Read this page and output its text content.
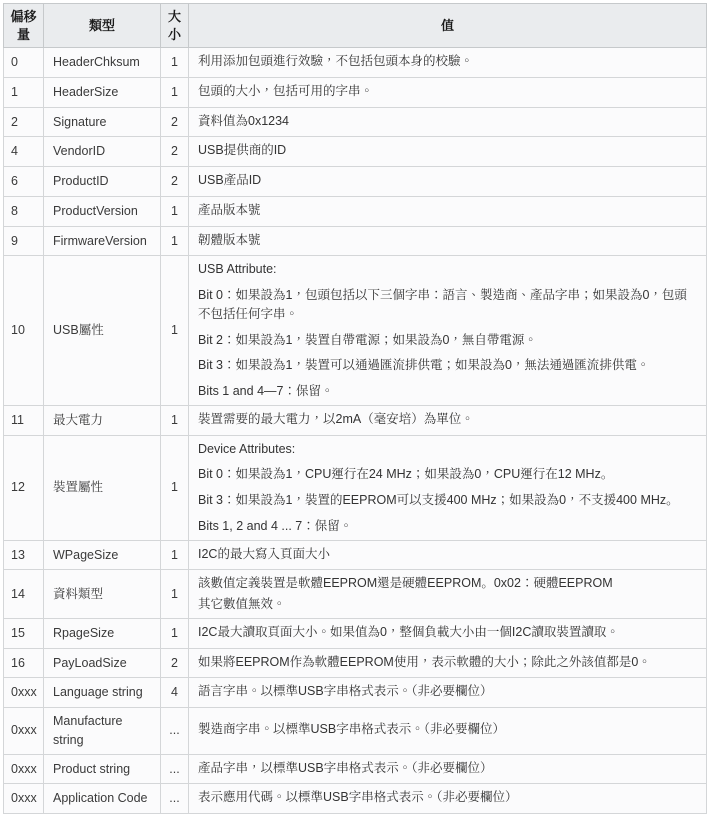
偏移量	類型	大小	值
0	HeaderChksum	1	利用添加包頭進行效驗，不包括包頭本身的校驗。

1	HeaderSize	1	包頭的大小，包括可用的字串。

2	Signature	2	資料值為0x1234

4	VendorID	2	USB提供商的ID

6	ProductID	2	USB產品ID

8	ProductVersion	1	產品版本號

9	FirmwareVersion	1	韌體版本號

10	USB屬性	1	USB Attribute:
Bit 0：如果設為1，包頭包括以下三個字串：語言、製造商、產品字串；如果設為0，包頭不包括任何字串。
Bit 2：如果設為1，裝置自帶電源；如果設為0，無自帶電源。
Bit 3：如果設為1，裝置可以通過匯流排供電；如果設為0，無法通過匯流排供電。
Bits 1 and 4—7：保留。

11	最大電力	1	裝置需要的最大電力，以2mA（毫安培）為單位。

12	裝置屬性	1	Device Attributes:
Bit 0：如果設為1，CPU運行在24 MHz；如果設為0，CPU運行在12 MHz。
Bit 3：如果設為1，裝置的EEPROM可以支援400 MHz；如果設為0，不支援400 MHz。
Bits 1, 2 and 4 ... 7：保留。

13	WPageSize	1	I2C的最大寫入頁面大小

14	資料類型	1	該數值定義裝置是軟體EEPROM還是硬體EEPROM。0x02：硬體EEPROM
其它數值無效。

15	RpageSize	1	I2C最大讀取頁面大小。如果值為0，整個負載大小由一個I2C讀取裝置讀取。

16	PayLoadSize	2	如果將EEPROM作為軟體EEPROM使用，表示軟體的大小；除此之外該值都是0。

0xxx	Language string	4	語言字串。以標準USB字串格式表示。（非必要欄位）

0xxx	Manufacture string	...	製造商字串。以標準USB字串格式表示。（非必要欄位）

0xxx	Product string	...	產品字串，以標準USB字串格式表示。（非必要欄位）

0xxx	Application Code	...	表示應用代碼。以標準USB字串格式表示。（非必要欄位）
